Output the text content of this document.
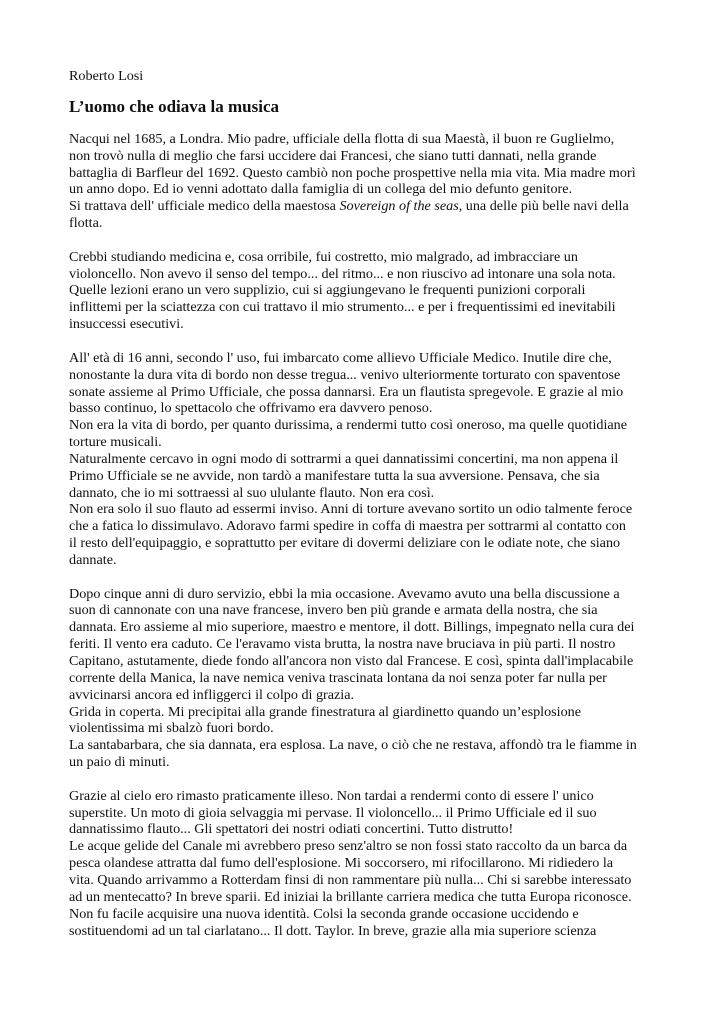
Roberto Losi
L’uomo che odiava la musica
Nacqui nel 1685, a Londra. Mio padre, ufficiale della flotta di sua Maestà, il buon re Guglielmo,
non trovò nulla di meglio che farsi uccidere dai Francesi, che siano tutti dannati, nella grande
battaglia di Barfleur del 1692. Questo cambiò non poche prospettive nella mia vita. Mia madre morì
un anno dopo. Ed io venni adottato dalla famiglia di un collega del mio defunto genitore.
Si trattava dell' ufficiale medico della maestosa Sovereign of the seas, una delle più belle navi della
flotta.
Crebbi studiando medicina e, cosa orribile, fui costretto, mio malgrado, ad imbracciare un
violoncello. Non avevo il senso del tempo... del ritmo... e non riuscivo ad intonare una sola nota.
Quelle lezioni erano un vero supplizio, cui si aggiungevano le frequenti punizioni corporali
inflittemi per la sciattezza con cui trattavo il mio strumento... e per i frequentissimi ed inevitabili
insuccessi esecutivi.
All' età di 16 anni, secondo l' uso, fui imbarcato come allievo Ufficiale Medico. Inutile dire che,
nonostante la dura vita di bordo non desse tregua... venivo ulteriormente torturato con spaventose
sonate assieme al Primo Ufficiale, che possa dannarsi. Era un flautista spregevole. E grazie al mio
basso continuo, lo spettacolo che offrivamo era davvero penoso.
Non era la vita di bordo, per quanto durissima, a rendermi tutto così oneroso, ma quelle quotidiane
torture musicali.
Naturalmente cercavo in ogni modo di sottrarmi a quei dannatissimi concertini, ma non appena il
Primo Ufficiale se ne avvide, non tardò a manifestare tutta la sua avversione. Pensava, che sia
dannato, che io mi sottraessi al suo ululante flauto. Non era così.
Non era solo il suo flauto ad essermi inviso. Anni di torture avevano sortito un odio talmente feroce
che a fatica lo dissimulavo. Adoravo farmi spedire in coffa di maestra per sottrarmi al contatto con
il resto dell'equipaggio, e soprattutto per evitare di dovermi deliziare con le odiate note, che siano
dannate.
Dopo cinque anni di duro servizio, ebbi la mia occasione. Avevamo avuto una bella discussione a
suon di cannonate con una nave francese, invero ben più grande e armata della nostra, che sia
dannata. Ero assieme al mio superiore, maestro e mentore, il dott. Billings, impegnato nella cura dei
feriti. Il vento era caduto. Ce l'eravamo vista brutta, la nostra nave bruciava in più parti. Il nostro
Capitano, astutamente, diede fondo all'ancora non visto dal Francese. E così, spinta dall'implacabile
corrente della Manica, la nave nemica veniva trascinata lontana da noi senza poter far nulla per
avvicinarsi ancora ed infliggerci il colpo di grazia.
Grida in coperta. Mi precipitai alla grande finestratura al giardinetto quando un’esplosione
violentissima mi sbalzò fuori bordo.
La santabarbara, che sia dannata, era esplosa. La nave, o ciò che ne restava, affondò tra le fiamme in
un paio di minuti.
Grazie al cielo ero rimasto praticamente illeso. Non tardai a rendermi conto di essere l' unico
superstite. Un moto di gioia selvaggia mi pervase. Il violoncello... il Primo Ufficiale ed il suo
dannatissimo flauto... Gli spettatori dei nostri odiati concertini. Tutto distrutto!
Le acque gelide del Canale mi avrebbero preso senz'altro se non fossi stato raccolto da un barca da
pesca olandese attratta dal fumo dell'esplosione. Mi soccorsero, mi rifocillarono. Mi ridiedero la
vita. Quando arrivammo a Rotterdam finsi di non rammentare più nulla... Chi si sarebbe interessato
ad un mentecatto? In breve sparii. Ed iniziai la brillante carriera medica che tutta Europa riconosce.
Non fu facile acquisire una nuova identità. Colsi la seconda grande occasione uccidendo e
sostituendomi ad un tal ciarlatano... Il dott. Taylor. In breve, grazie alla mia superiore scienza
